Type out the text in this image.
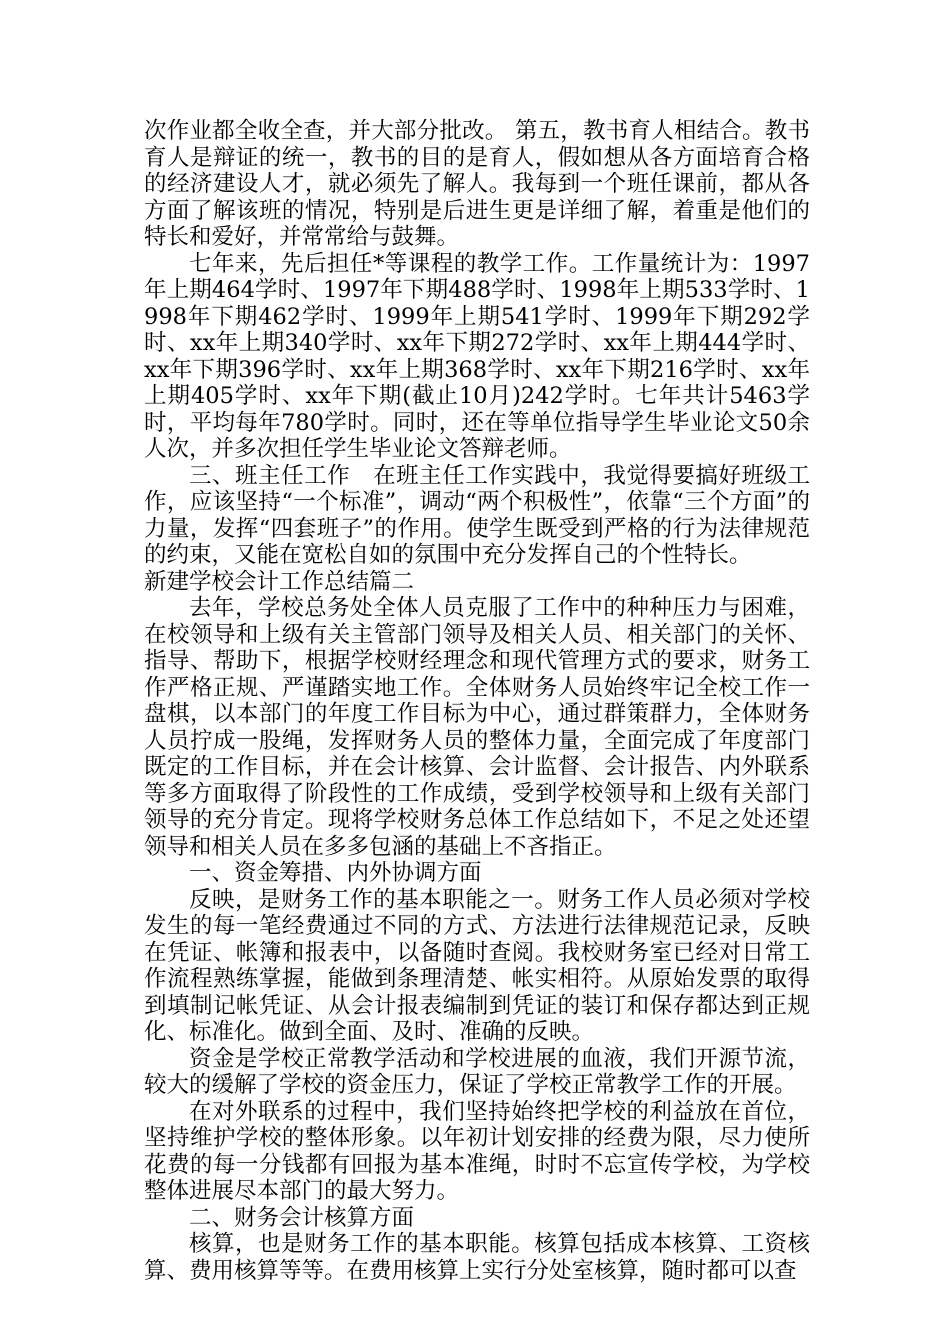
次作业都全收全查，并大部分批改。 第五，教书育人相结合。教书育人是辩证的统一，教书的目的是育人，假如想从各方面培育合格的经济建设人才，就必须先了解人。我每到一个班任课前，都从各方面了解该班的情况，特别是后进生更是详细了解，着重是他们的特长和爱好，并常常给与鼓舞。

七年来，先后担任*等课程的教学工作。工作量统计为：1997年上期464学时、1997年下期488学时、1998年上期533学时、1998年下期462学时、1999年上期541学时、1999年下期292学时、xx年上期340学时、xx年下期272学时、xx年上期444学时、xx年下期396学时、xx年上期368学时、xx年下期216学时、xx年上期405学时、xx年下期(截止10月)242学时。七年共计5463学时，平均每年780学时。同时，还在等单位指导学生毕业论文50余人次，并多次担任学生毕业论文答辩老师。

三、班主任工作　在班主任工作实践中，我觉得要搞好班级工作，应该坚持“一个标准”，调动“两个积极性”，依靠“三个方面”的力量，发挥“四套班子”的作用。使学生既受到严格的行为法律规范的约束，又能在宽松自如的氛围中充分发挥自己的个性特长。

新建学校会计工作总结篇二

去年，学校总务处全体人员克服了工作中的种种压力与困难，在校领导和上级有关主管部门领导及相关人员、相关部门的关怀、指导、帮助下，根据学校财经理念和现代管理方式的要求，财务工作严格正规、严谨踏实地工作。全体财务人员始终牢记全校工作一盘棋，以本部门的年度工作目标为中心，通过群策群力，全体财务人员拧成一股绳，发挥财务人员的整体力量，全面完成了年度部门既定的工作目标，并在会计核算、会计监督、会计报告、内外联系等多方面取得了阶段性的工作成绩，受到学校领导和上级有关部门领导的充分肯定。现将学校财务总体工作总结如下，不足之处还望领导和相关人员在多多包涵的基础上不吝指正。

一、资金筹措、内外协调方面

反映，是财务工作的基本职能之一。财务工作人员必须对学校发生的每一笔经费通过不同的方式、方法进行法律规范记录，反映在凭证、帐簿和报表中，以备随时查阅。我校财务室已经对日常工作流程熟练掌握，能做到条理清楚、帐实相符。从原始发票的取得到填制记帐凭证、从会计报表编制到凭证的装订和保存都达到正规化、标准化。做到全面、及时、准确的反映。

资金是学校正常教学活动和学校进展的血液，我们开源节流，较大的缓解了学校的资金压力，保证了学校正常教学工作的开展。

在对外联系的过程中，我们坚持始终把学校的利益放在首位，坚持维护学校的整体形象。以年初计划安排的经费为限，尽力使所花费的每一分钱都有回报为基本准绳，时时不忘宣传学校，为学校整体进展尽本部门的最大努力。

二、财务会计核算方面

核算，也是财务工作的基本职能。核算包括成本核算、工资核算、费用核算等等。在费用核算上实行分处室核算，随时都可以查
